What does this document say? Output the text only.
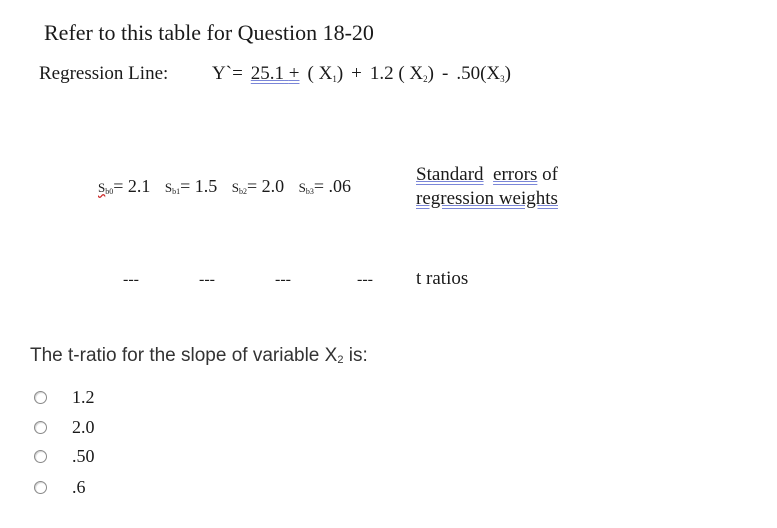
Refer to this table for Question 18-20
Regression Line: Y`= 25.1 + ( $X_1) + 1.2$ ( $X_2) - .50(X_3)$
$S_{b0}= 2.1$ $S_{b1}= 1.5$ $S_{b2}= 2.0$ $S_{b3}= .06$
Standard errors of
regression weights
---	---	---	--- t ratios
The t-ratio for the slope of variable $X_2$ is:
1.2
2.0
.50
.6
